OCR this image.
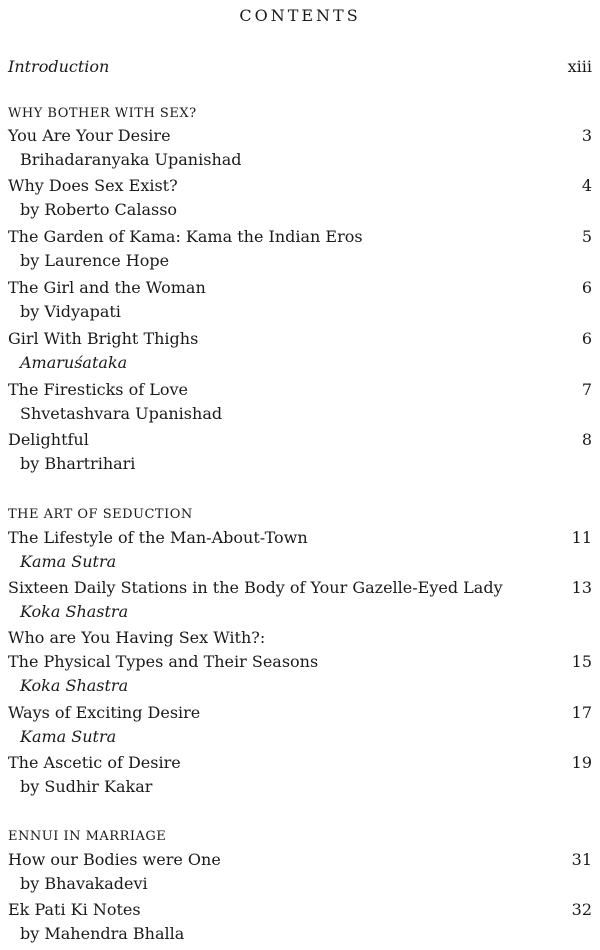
CONTENTS
Introduction	xiii
WHY BOTHER WITH SEX?
You Are Your Desire	3
Brihadaranyaka Upanishad
Why Does Sex Exist?	4
by Roberto Calasso
The Garden of Kama: Kama the Indian Eros	5
by Laurence Hope
The Girl and the Woman	6
by Vidyapati
Girl With Bright Thighs	6
Amaruśataka
The Firesticks of Love	7
Shvetashvara Upanishad
Delightful	8
by Bhartrihari
THE ART OF SEDUCTION
The Lifestyle of the Man-About-Town	11
Kama Sutra
Sixteen Daily Stations in the Body of Your Gazelle-Eyed Lady	13
Koka Shastra
Who are You Having Sex With?:
The Physical Types and Their Seasons	15
Koka Shastra
Ways of Exciting Desire	17
Kama Sutra
The Ascetic of Desire	19
by Sudhir Kakar
ENNUI IN MARRIAGE
How our Bodies were One	31
by Bhavakadevi
Ek Pati Ki Notes	32
by Mahendra Bhalla
